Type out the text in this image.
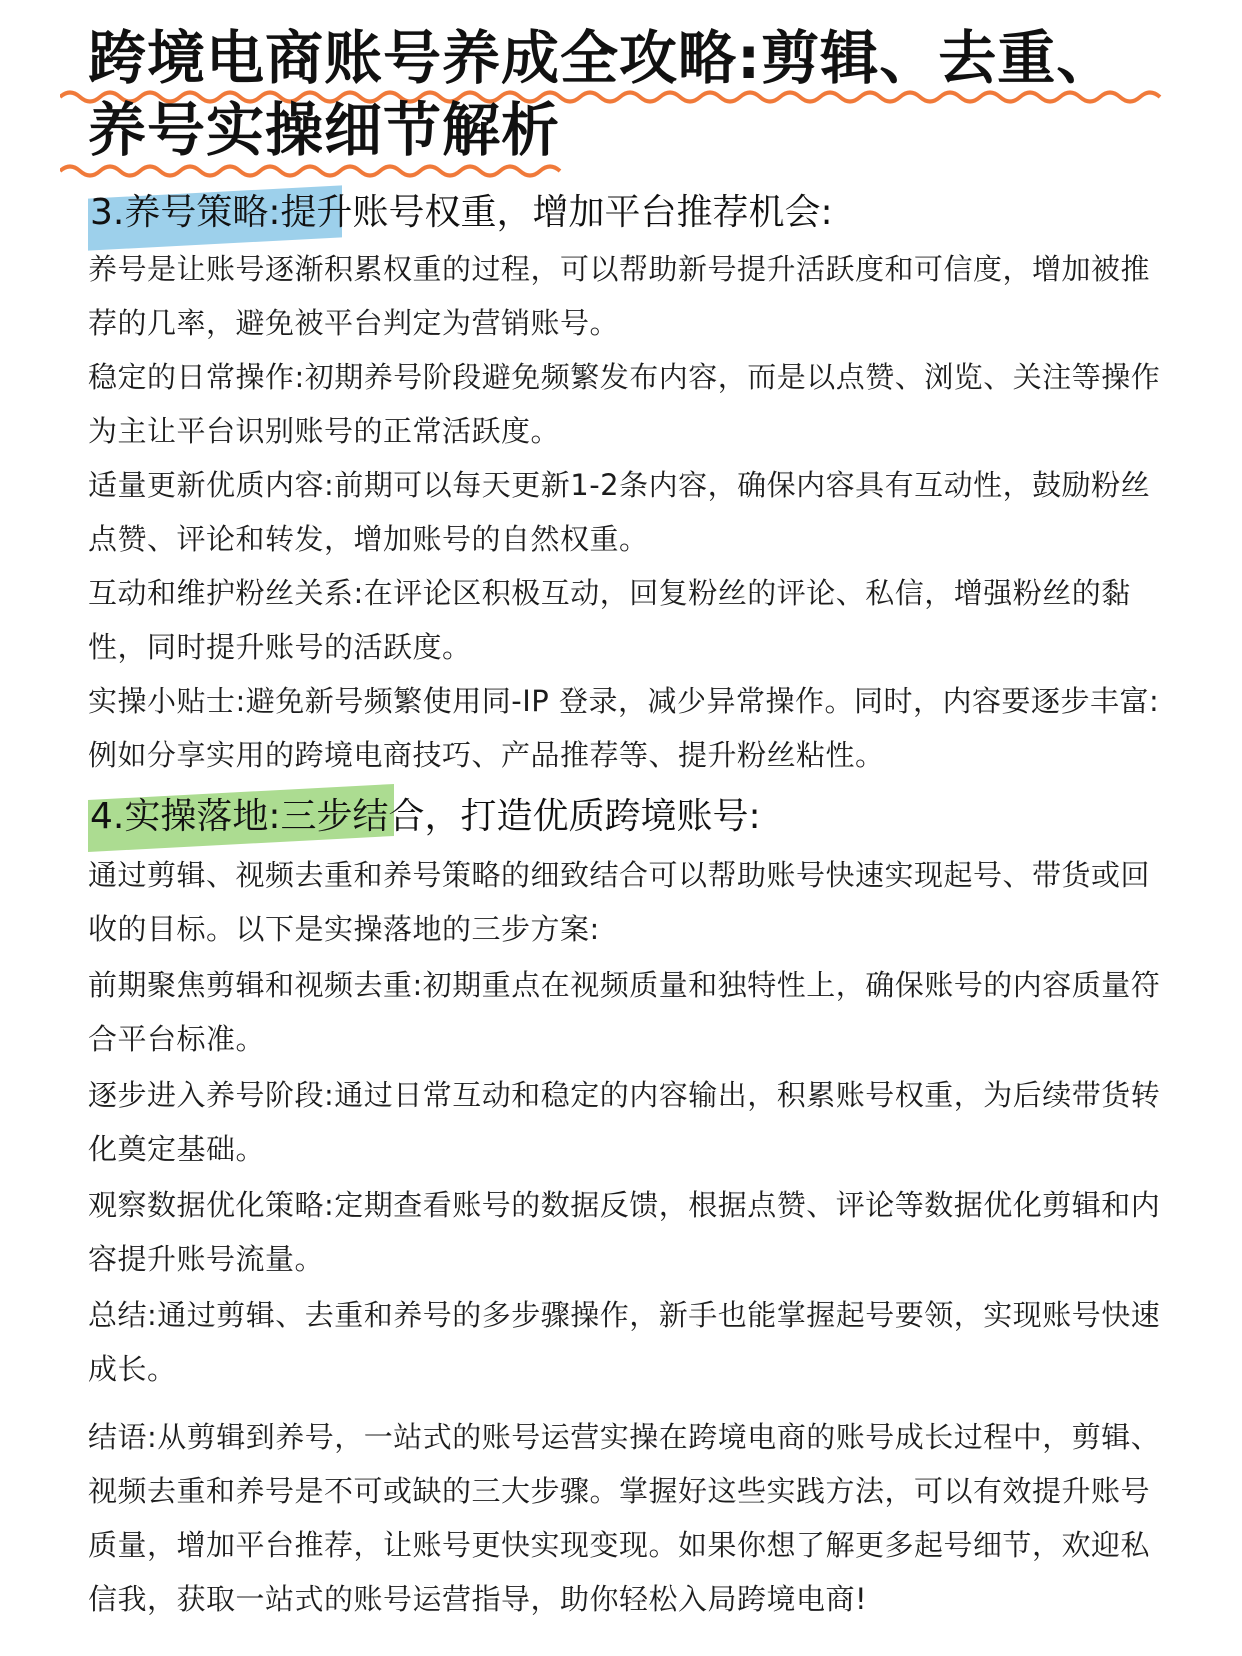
跨境电商账号养成全攻略:剪辑、去重、
养号实操细节解析
3.养号策略:提升账号权重，增加平台推荐机会:
养号是让账号逐渐积累权重的过程，可以帮助新号提升活跃度和可信度，增加被推荐的几率，避免被平台判定为营销账号。
稳定的日常操作:初期养号阶段避免频繁发布内容，而是以点赞、浏览、关注等操作为主让平台识别账号的正常活跃度。
适量更新优质内容:前期可以每天更新1-2条内容，确保内容具有互动性，鼓励粉丝点赞、评论和转发，增加账号的自然权重。
互动和维护粉丝关系:在评论区积极互动，回复粉丝的评论、私信，增强粉丝的黏性，同时提升账号的活跃度。
实操小贴士:避免新号频繁使用同-IP 登录，减少异常操作。同时，内容要逐步丰富:例如分享实用的跨境电商技巧、产品推荐等、提升粉丝粘性。
4.实操落地:三步结合，打造优质跨境账号:
通过剪辑、视频去重和养号策略的细致结合可以帮助账号快速实现起号、带货或回收的目标。以下是实操落地的三步方案:
前期聚焦剪辑和视频去重:初期重点在视频质量和独特性上，确保账号的内容质量符合平台标准。
逐步进入养号阶段:通过日常互动和稳定的内容输出，积累账号权重，为后续带货转化奠定基础。
观察数据优化策略:定期查看账号的数据反馈，根据点赞、评论等数据优化剪辑和内容提升账号流量。
总结:通过剪辑、去重和养号的多步骤操作，新手也能掌握起号要领，实现账号快速成长。
结语:从剪辑到养号，一站式的账号运营实操在跨境电商的账号成长过程中，剪辑、视频去重和养号是不可或缺的三大步骤。掌握好这些实践方法，可以有效提升账号质量，增加平台推荐，让账号更快实现变现。如果你想了解更多起号细节，欢迎私信我，获取一站式的账号运营指导，助你轻松入局跨境电商!
